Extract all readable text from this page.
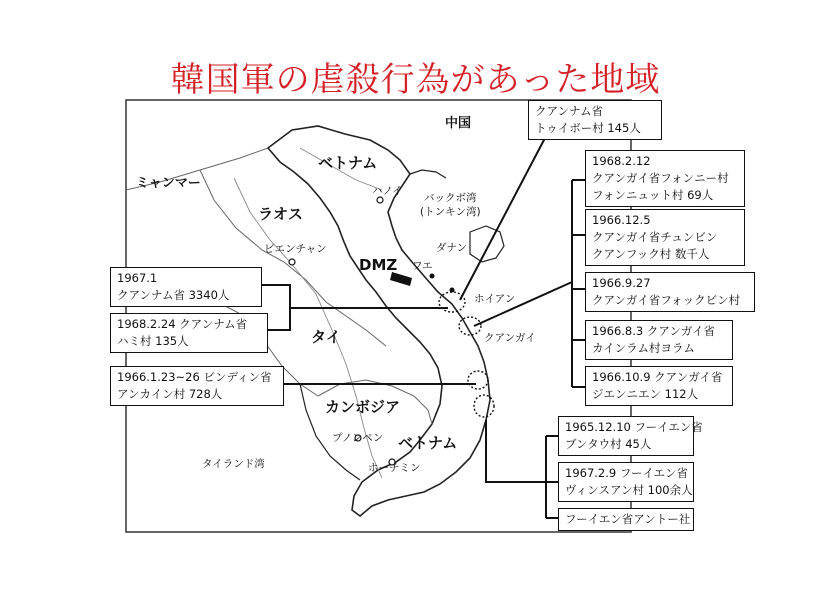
韓国軍の虐殺行為があった地域
中国
ミャンマー
ラオス
ベトナム
ハノイ
バックボ湾
(トンキン湾)
ビエンチャン	ダナン
DMZ フエ
ホイアン
タイ	クアンガイ
カンボジア
プノンペン ベトナム
タイランド湾	ホーチミン
1967.1
クアンナム省 3340人
1968.2.24 クアンナム省
ハミ村 135人
1966.1.23~26 ビンディン省
アンカイン村 728人
クアンナム省
トゥイボー村 145人
1968.2.12
クアンガイ省フォンニー村
フォンニュット村 69人
1966.12.5
クアンガイ省チュンビン
クアンフック村 数千人
1966.9.27
クアンガイ省フォックビン村
1966.8.3 クアンガイ省
カインラム村ヨラム
1966.10.9 クアンガイ省
ジエンニエン 112人
1965.12.10 フーイエン省
ブンタウ村 45人
1967.2.9 フーイエン省
ヴィンスアン村 100余人
フーイエン省アントー社
